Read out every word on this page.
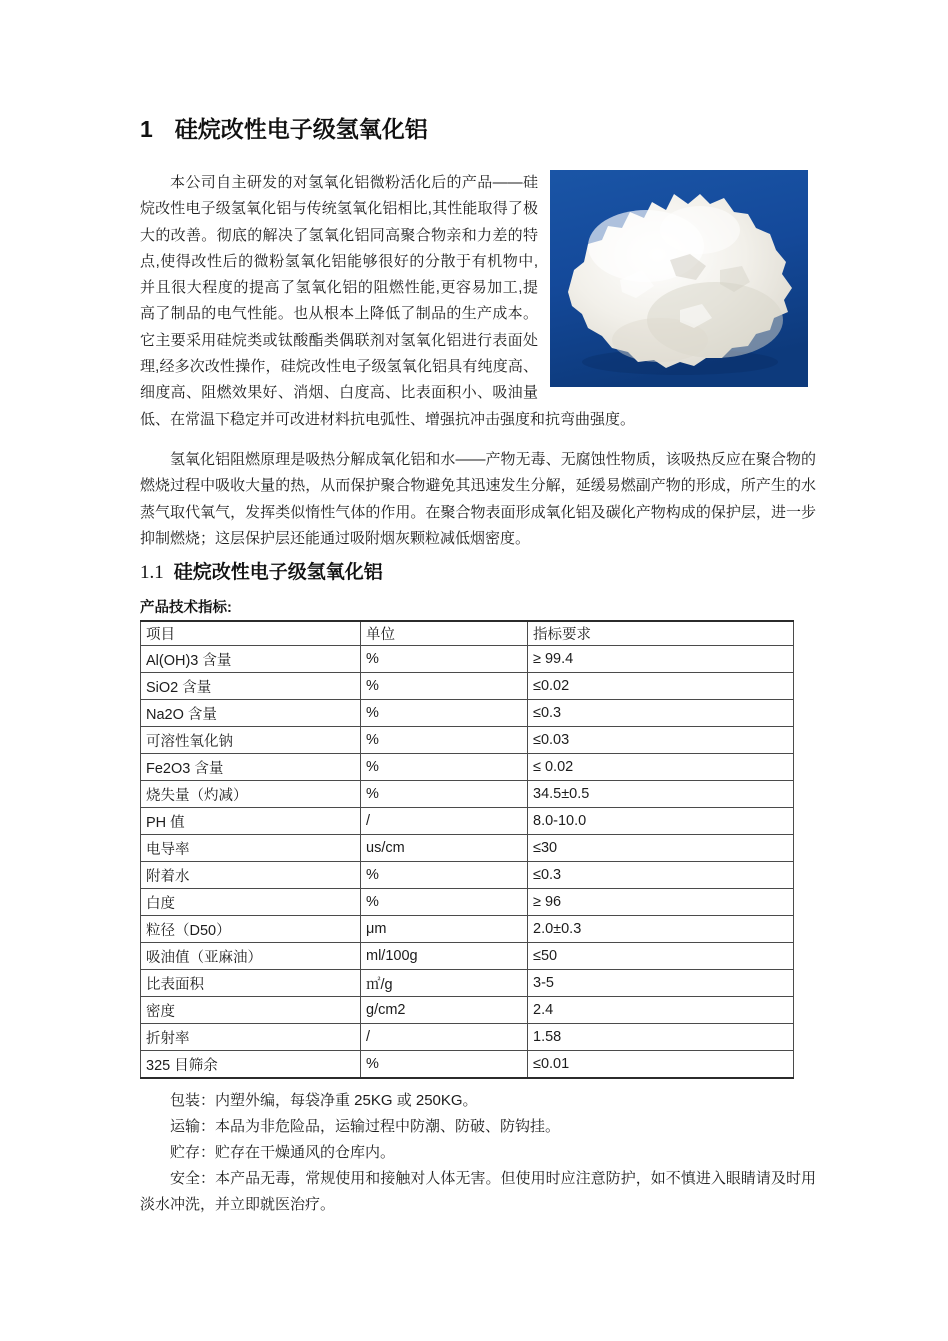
1 硅烷改性电子级氢氧化铝

本公司自主研发的对氢氧化铝微粉活化后的产品——硅烷改性电子级氢氧化铝与传统氢氧化铝相比,其性能取得了极大的改善。彻底的解决了氢氧化铝同高聚合物亲和力差的特点,使得改性后的微粉氢氧化铝能够很好的分散于有机物中,并且很大程度的提高了氢氧化铝的阻燃性能,更容易加工,提高了制品的电气性能。也从根本上降低了制品的生产成本。它主要采用硅烷类或钛酸酯类偶联剂对氢氧化铝进行表面处理,经多次改性操作，硅烷改性电子级氢氧化铝具有纯度高、细度高、阻燃效果好、消烟、白度高、比表面积小、吸油量低、在常温下稳定并可改进材料抗电弧性、增强抗冲击强度和抗弯曲强度。

氢氧化铝阻燃原理是吸热分解成氧化铝和水——产物无毒、无腐蚀性物质，该吸热反应在聚合物的燃烧过程中吸收大量的热，从而保护聚合物避免其迅速发生分解，延缓易燃副产物的形成，所产生的水蒸气取代氧气，发挥类似惰性气体的作用。在聚合物表面形成氧化铝及碳化产物构成的保护层，进一步抑制燃烧；这层保护层还能通过吸附烟灰颗粒减低烟密度。

1.1 硅烷改性电子级氢氧化铝
产品技术指标:
项目	单位	指标要求
Al(OH)3 含量	%	≥ 99.4
SiO2 含量	%	≤0.02
Na2O 含量	%	≤0.3
可溶性氧化钠	%	≤0.03
Fe2O3 含量	%	≤ 0.02
烧失量（灼减）	%	34.5±0.5
PH 值	/	8.0-10.0
电导率	us/cm	≤30
附着水	%	≤0.3
白度	%	≥ 96
粒径（D50）	μm	2.0±0.3
吸油值（亚麻油）	ml/100g	≤50
比表面积	㎡/g	3-5
密度	g/cm2	2.4
折射率	/	1.58
325 目筛余	%	≤0.01

包装：内塑外编，每袋净重 25KG 或 250KG。

运输：本品为非危险品，运输过程中防潮、防破、防钩挂。

贮存：贮存在干燥通风的仓库内。

安全：本产品无毒，常规使用和接触对人体无害。但使用时应注意防护，如不慎进入眼睛请及时用淡水冲洗，并立即就医治疗。
